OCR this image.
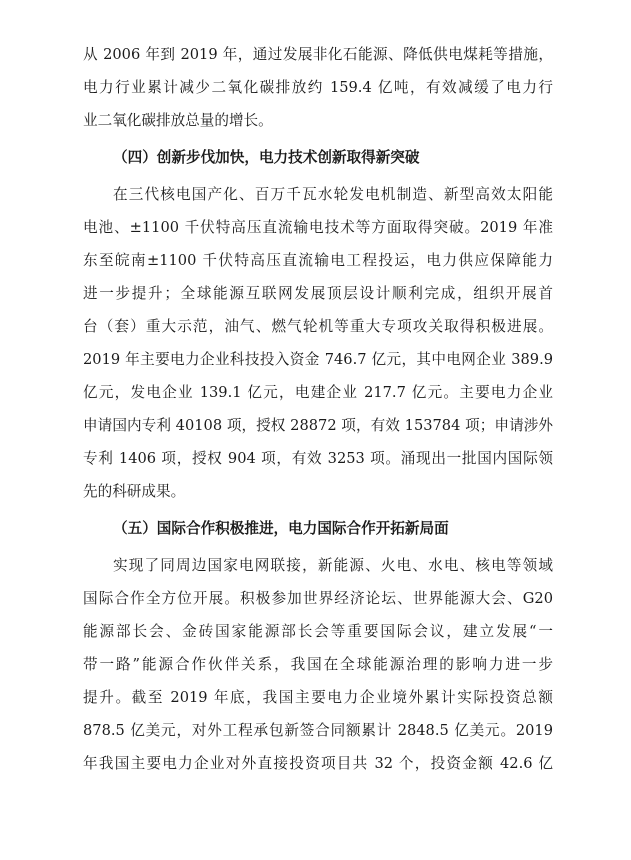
从 2006 年到 2019 年，通过发展非化石能源、降低供电煤耗等措施，
电力行业累计减少二氧化碳排放约 159.4 亿吨，有效减缓了电力行
业二氧化碳排放总量的增长。
（四）创新步伐加快，电力技术创新取得新突破
在三代核电国产化、百万千瓦水轮发电机制造、新型高效太阳能
电池、±1100 千伏特高压直流输电技术等方面取得突破。2019 年准
东至皖南±1100 千伏特高压直流输电工程投运，电力供应保障能力
进一步提升；全球能源互联网发展顶层设计顺利完成，组织开展首
台（套）重大示范，油气、燃气轮机等重大专项攻关取得积极进展。
2019 年主要电力企业科技投入资金 746.7 亿元，其中电网企业 389.9
亿元，发电企业 139.1 亿元，电建企业 217.7 亿元。主要电力企业
申请国内专利 40108 项，授权 28872 项，有效 153784 项；申请涉外
专利 1406 项，授权 904 项，有效 3253 项。涌现出一批国内国际领
先的科研成果。
（五）国际合作积极推进，电力国际合作开拓新局面
实现了同周边国家电网联接，新能源、火电、水电、核电等领域
国际合作全方位开展。积极参加世界经济论坛、世界能源大会、G20
能源部长会、金砖国家能源部长会等重要国际会议，建立发展“一
带一路”能源合作伙伴关系，我国在全球能源治理的影响力进一步
提升。截至 2019 年底，我国主要电力企业境外累计实际投资总额
878.5 亿美元，对外工程承包新签合同额累计 2848.5 亿美元。2019
年我国主要电力企业对外直接投资项目共 32 个，投资金额 42.6 亿
